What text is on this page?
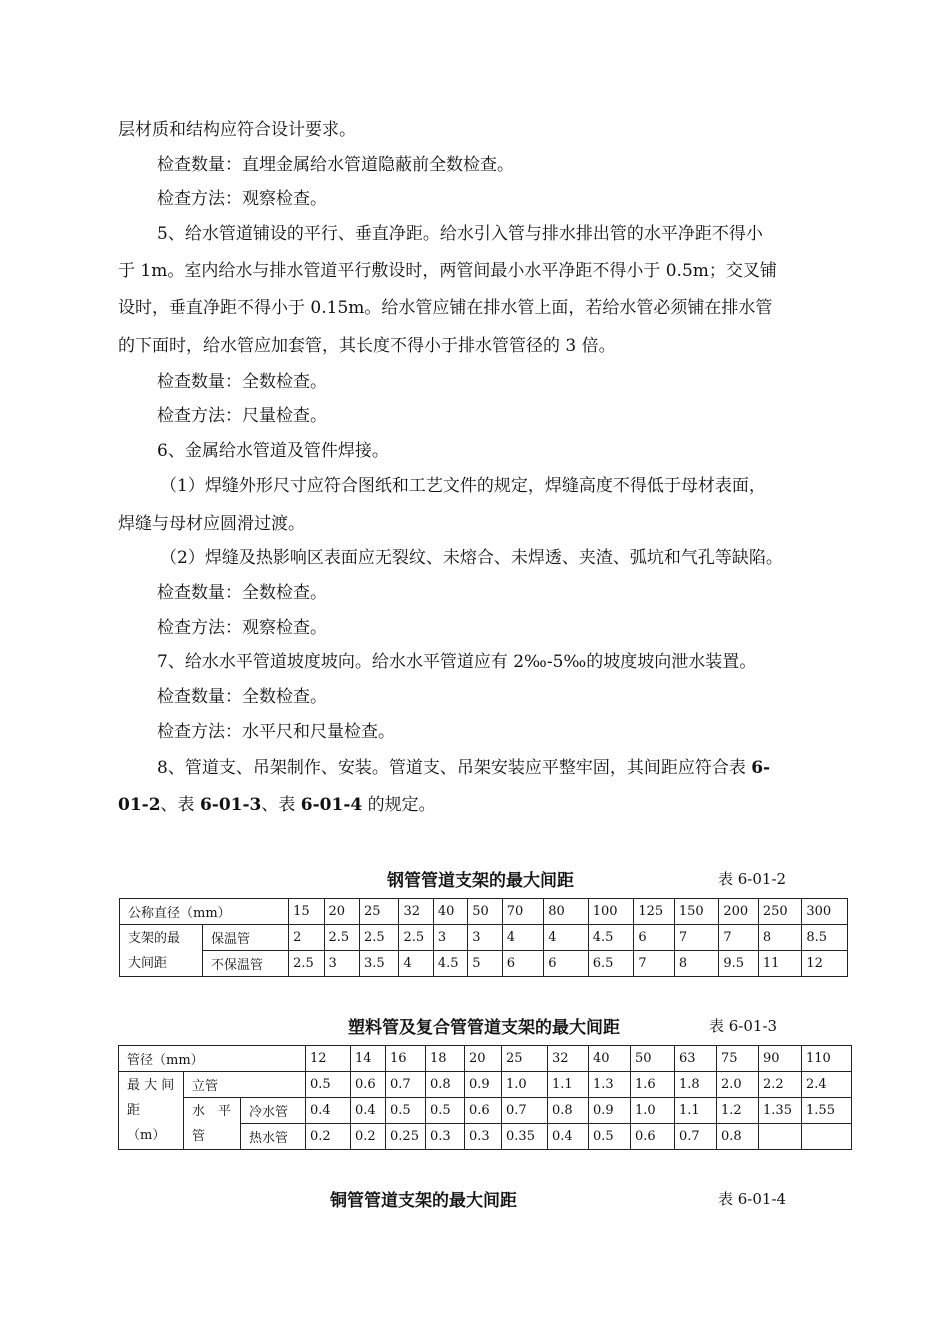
层材质和结构应符合设计要求。
检查数量：直埋金属给水管道隐蔽前全数检查。
检查方法：观察检查。
5、给水管道铺设的平行、垂直净距。给水引入管与排水排出管的水平净距不得小
于 1m。室内给水与排水管道平行敷设时，两管间最小水平净距不得小于 0.5m；交叉铺
设时，垂直净距不得小于 0.15m。给水管应铺在排水管上面，若给水管必须铺在排水管
的下面时，给水管应加套管，其长度不得小于排水管管径的 3 倍。
检查数量：全数检查。
检查方法：尺量检查。
6、金属给水管道及管件焊接。
（1）焊缝外形尺寸应符合图纸和工艺文件的规定，焊缝高度不得低于母材表面，
焊缝与母材应圆滑过渡。
（2）焊缝及热影响区表面应无裂纹、未熔合、未焊透、夹渣、弧坑和气孔等缺陷。
检查数量：全数检查。
检查方法：观察检查。
7、给水水平管道坡度坡向。给水水平管道应有 2‰-5‰的坡度坡向泄水装置。
检查数量：全数检查。
检查方法：水平尺和尺量检查。
8、管道支、吊架制作、安装。管道支、吊架安装应平整牢固，其间距应符合表 6-
01-2、表 6-01-3、表 6-01-4 的规定。
钢管管道支架的最大间距	表 6-01-2
公称直径（mm）		15	20	25	32	40	50	70	80	100	125	150	200	250	300

支架的最
大间距	保温管	2	2.5	2.5	2.5	3	3	4	4	4.5	6	7	7	8	8.5
	不保温管	2.5	3	3.5	4	4.5	5	6	6	6.5	7	8	9.5	11	12
塑料管及复合管管道支架的最大间距	表 6-01-3
管径（mm）			12	14	16	18	20	25	32	40	50	63	75	90	110

最 大 间
距
（m）	立管		0.5	0.6	0.7	0.8	0.9	1.0	1.1	1.3	1.6	1.8	2.0	2.2	2.4

	水　平
管	冷水管	0.4	0.4	0.5	0.5	0.6	0.7	0.8	0.9	1.0	1.1	1.2	1.35	1.55
		热水管	0.2	0.2	0.25	0.3	0.3	0.35	0.4	0.5	0.6	0.7	0.8		
铜管管道支架的最大间距	表 6-01-4
